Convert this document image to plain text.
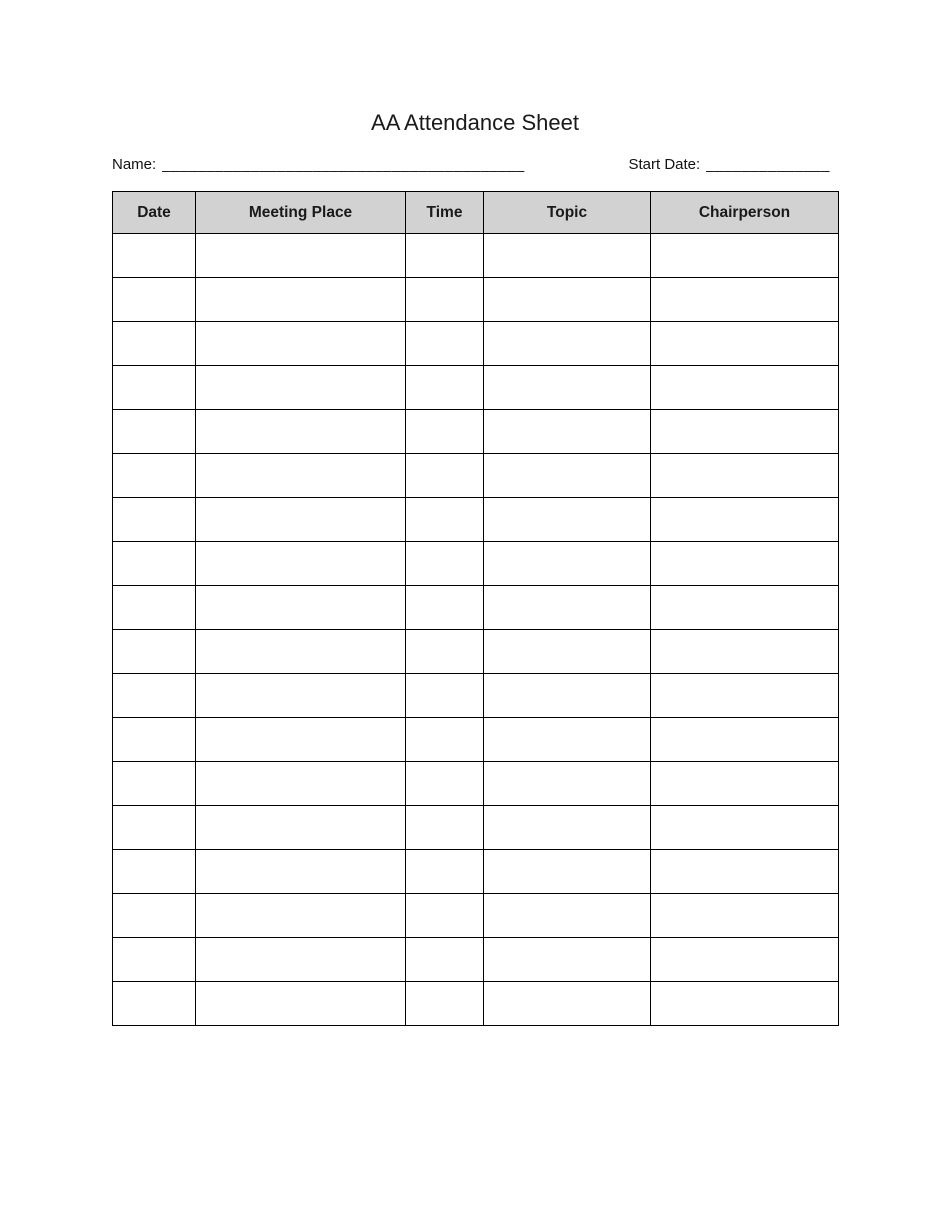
AA Attendance Sheet
Name: _________________________________________	Start Date: ______________
Date	Meeting Place	Time	Topic	Chairperson
